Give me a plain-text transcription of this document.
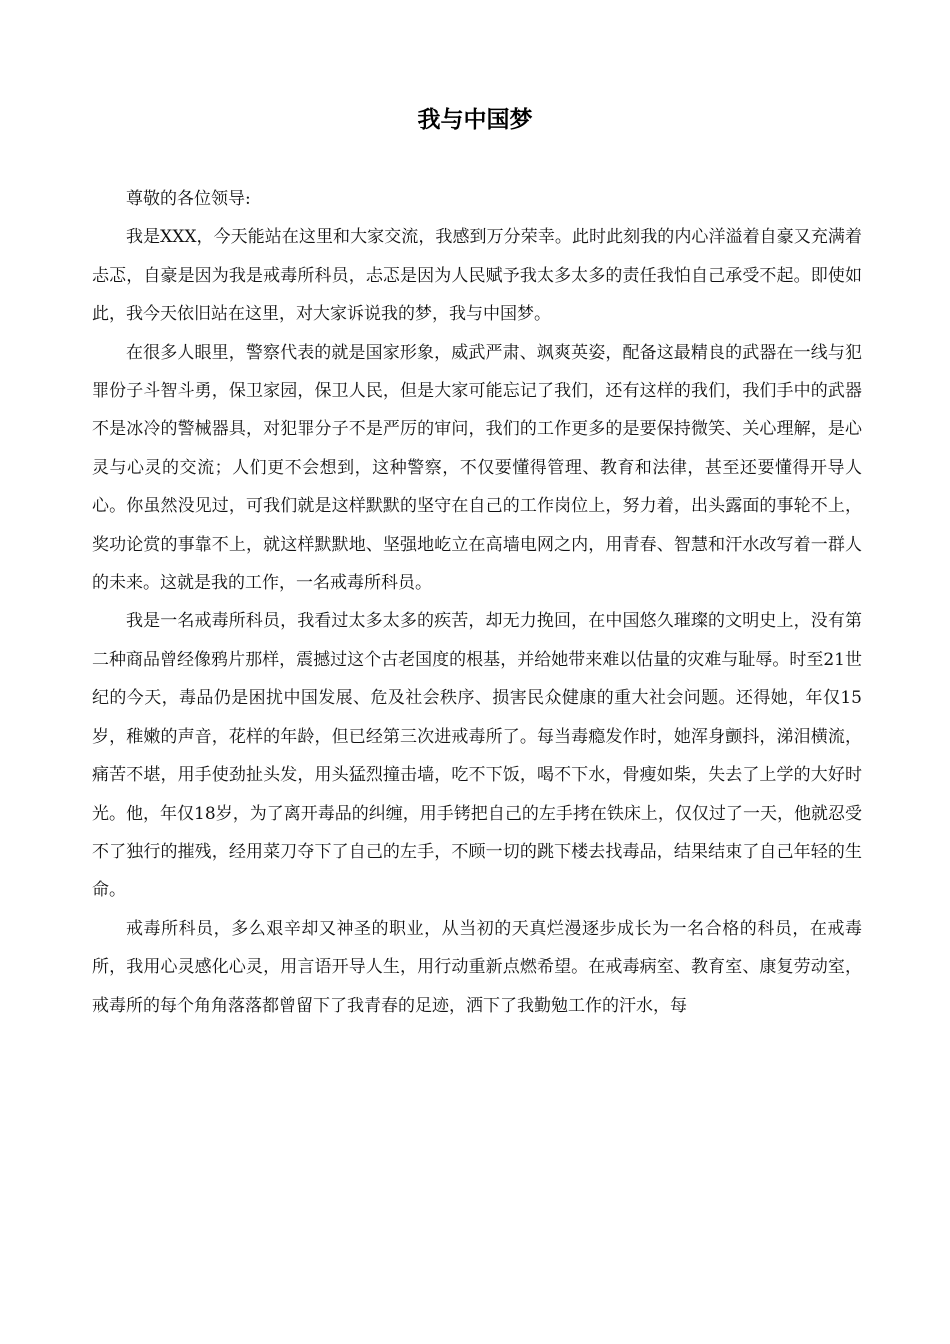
我与中国梦

尊敬的各位领导:

我是XXX，今天能站在这里和大家交流，我感到万分荣幸。此时此刻我的内心洋溢着自豪又充满着忐忑，自豪是因为我是戒毒所科员，忐忑是因为人民赋予我太多太多的责任我怕自己承受不起。即使如此，我今天依旧站在这里，对大家诉说我的梦，我与中国梦。

在很多人眼里，警察代表的就是国家形象，威武严肃、飒爽英姿，配备这最精良的武器在一线与犯罪份子斗智斗勇，保卫家园，保卫人民，但是大家可能忘记了我们，还有这样的我们，我们手中的武器不是冰冷的警械器具，对犯罪分子不是严厉的审问，我们的工作更多的是要保持微笑、关心理解，是心灵与心灵的交流；人们更不会想到，这种警察，不仅要懂得管理、教育和法律，甚至还要懂得开导人心。你虽然没见过，可我们就是这样默默的坚守在自己的工作岗位上，努力着，出头露面的事轮不上，奖功论赏的事靠不上，就这样默默地、坚强地屹立在高墙电网之内，用青春、智慧和汗水改写着一群人的未来。这就是我的工作，一名戒毒所科员。

我是一名戒毒所科员，我看过太多太多的疾苦，却无力挽回，在中国悠久璀璨的文明史上，没有第二种商品曾经像鸦片那样，震撼过这个古老国度的根基，并给她带来难以估量的灾难与耻辱。时至21世纪的今天，毒品仍是困扰中国发展、危及社会秩序、损害民众健康的重大社会问题。还得她，年仅15岁，稚嫩的声音，花样的年龄，但已经第三次进戒毒所了。每当毒瘾发作时，她浑身颤抖，涕泪横流，痛苦不堪，用手使劲扯头发，用头猛烈撞击墙，吃不下饭，喝不下水，骨瘦如柴，失去了上学的大好时光。他，年仅18岁，为了离开毒品的纠缠，用手铐把自己的左手拷在铁床上，仅仅过了一天，他就忍受不了独行的摧残，经用菜刀夺下了自己的左手，不顾一切的跳下楼去找毒品，结果结束了自己年轻的生命。

戒毒所科员，多么艰辛却又神圣的职业，从当初的天真烂漫逐步成长为一名合格的科员，在戒毒所，我用心灵感化心灵，用言语开导人生，用行动重新点燃希望。在戒毒病室、教育室、康复劳动室，戒毒所的每个角角落落都曾留下了我青春的足迹，洒下了我勤勉工作的汗水，每
